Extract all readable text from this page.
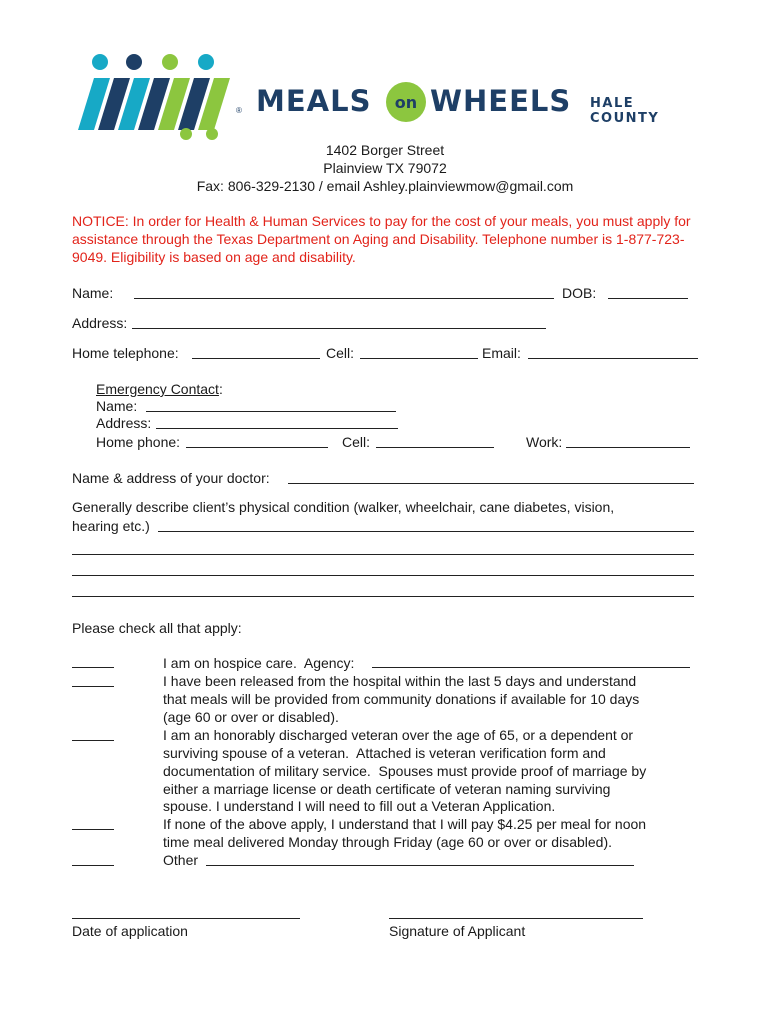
® MEALS	on WHEELS HALE COUNTY
1402 Borger Street
Plainview TX 79072
Fax: 806-329-2130 / email Ashley.plainviewmow@gmail.com
NOTICE: In order for Health & Human Services to pay for the cost of your meals, you must apply for assistance through the Texas Department on Aging and Disability. Telephone number is 1-877-723-9049. Eligibility is based on age and disability.
Name:	DOB:
Address:
Home telephone:	Cell:	Email:
Emergency Contact:
Name:
Address:
Home phone:	Cell:	Work:
Name & address of your doctor:
Generally describe client’s physical condition (walker, wheelchair, cane diabetes, vision,
hearing etc.)
Please check all that apply:
I am on hospice care.  Agency:
I have been released from the hospital within the last 5 days and understand
that meals will be provided from community donations if available for 10 days
(age 60 or over or disabled).
I am an honorably discharged veteran over the age of 65, or a dependent or
surviving spouse of a veteran.  Attached is veteran verification form and
documentation of military service.  Spouses must provide proof of marriage by
either a marriage license or death certificate of veteran naming surviving
spouse. I understand I will need to fill out a Veteran Application.
If none of the above apply, I understand that I will pay $4.25 per meal for noon
time meal delivered Monday through Friday (age 60 or over or disabled).
Other
Date of application	Signature of Applicant
